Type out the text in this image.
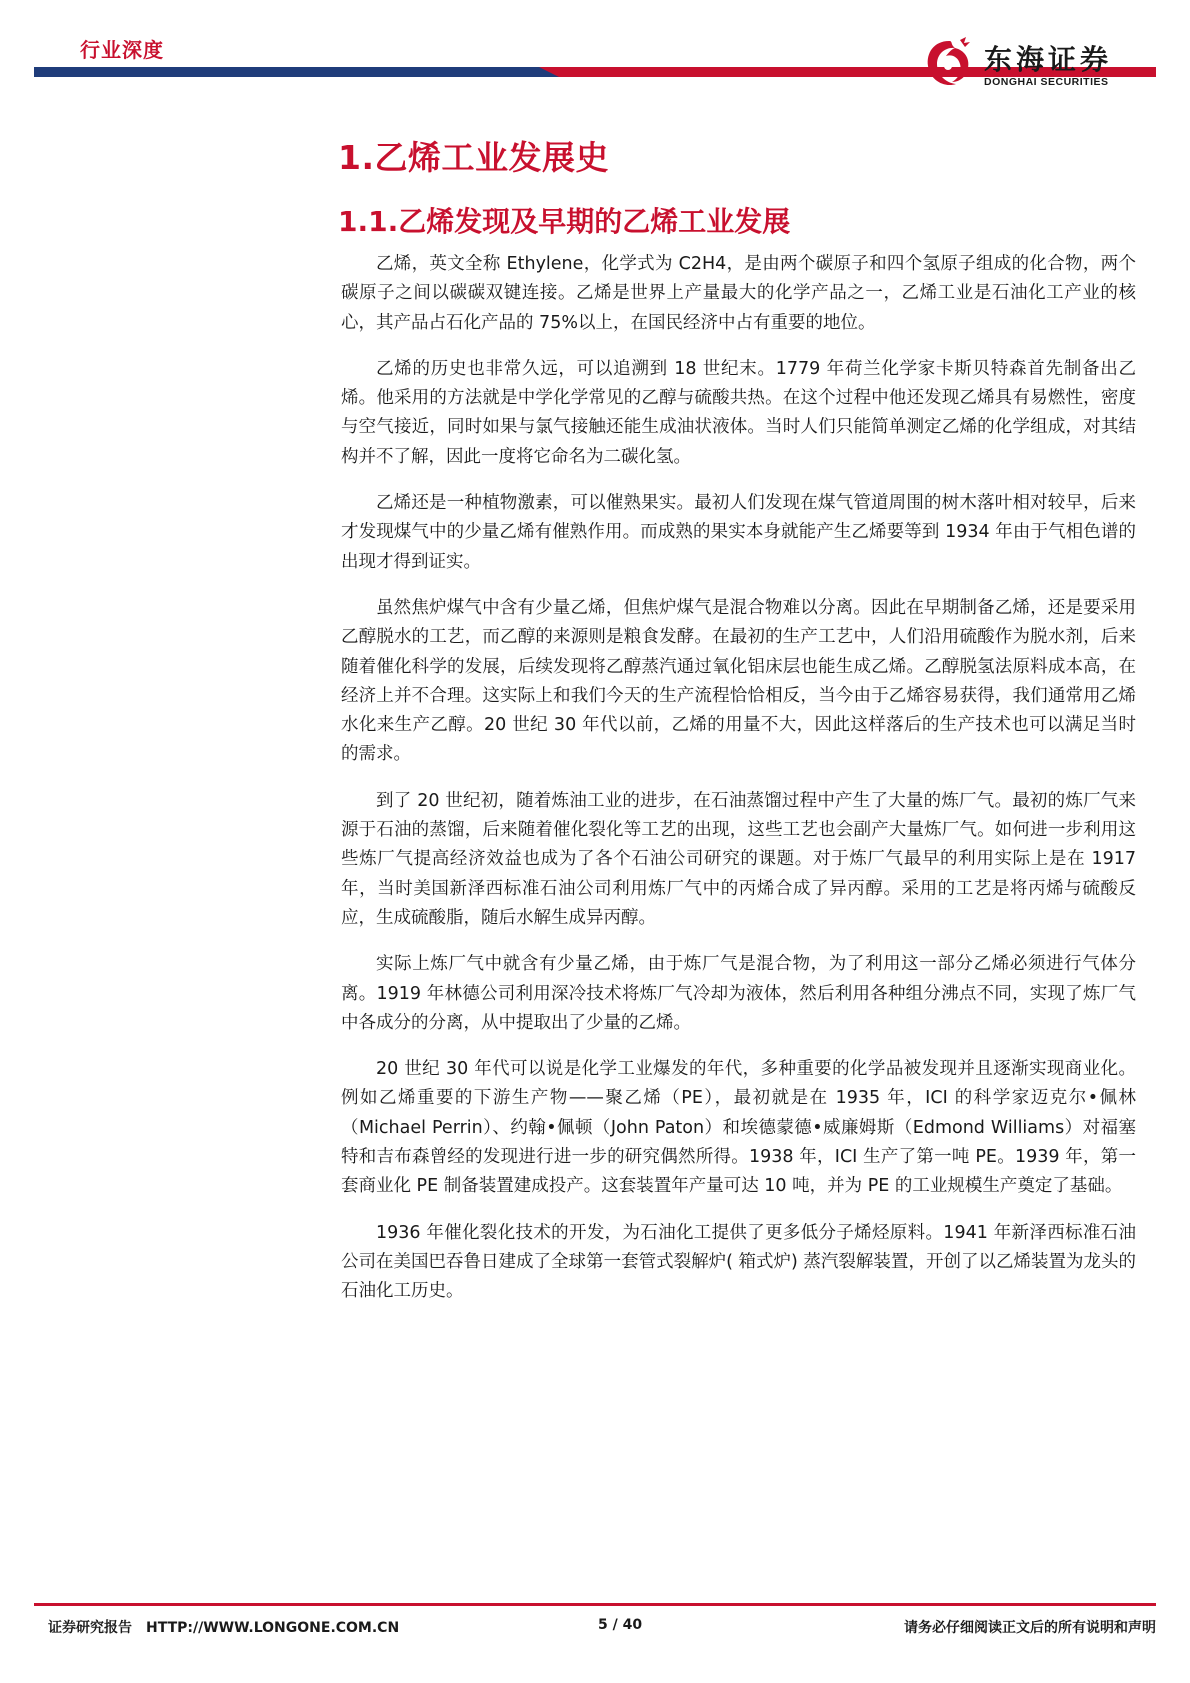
行业深度	东海证券
DONGHAI SECURITIES
1.乙烯工业发展史
1.1.乙烯发现及早期的乙烯工业发展

乙烯，英文全称 Ethylene，化学式为 C2H4，是由两个碳原子和四个氢原子组成的化合物，两个碳原子之间以碳碳双键连接。乙烯是世界上产量最大的化学产品之一，乙烯工业是石油化工产业的核心，其产品占石化产品的 75%以上，在国民经济中占有重要的地位。

乙烯的历史也非常久远，可以追溯到 18 世纪末。1779 年荷兰化学家卡斯贝特森首先制备出乙烯。他采用的方法就是中学化学常见的乙醇与硫酸共热。在这个过程中他还发现乙烯具有易燃性，密度与空气接近，同时如果与氯气接触还能生成油状液体。当时人们只能简单测定乙烯的化学组成，对其结构并不了解，因此一度将它命名为二碳化氢。

乙烯还是一种植物激素，可以催熟果实。最初人们发现在煤气管道周围的树木落叶相对较早，后来才发现煤气中的少量乙烯有催熟作用。而成熟的果实本身就能产生乙烯要等到 1934 年由于气相色谱的出现才得到证实。

虽然焦炉煤气中含有少量乙烯，但焦炉煤气是混合物难以分离。因此在早期制备乙烯，还是要采用乙醇脱水的工艺，而乙醇的来源则是粮食发酵。在最初的生产工艺中，人们沿用硫酸作为脱水剂，后来随着催化科学的发展，后续发现将乙醇蒸汽通过氧化铝床层也能生成乙烯。乙醇脱氢法原料成本高，在经济上并不合理。这实际上和我们今天的生产流程恰恰相反，当今由于乙烯容易获得，我们通常用乙烯水化来生产乙醇。20 世纪 30 年代以前，乙烯的用量不大，因此这样落后的生产技术也可以满足当时的需求。

到了 20 世纪初，随着炼油工业的进步，在石油蒸馏过程中产生了大量的炼厂气。最初的炼厂气来源于石油的蒸馏，后来随着催化裂化等工艺的出现，这些工艺也会副产大量炼厂气。如何进一步利用这些炼厂气提高经济效益也成为了各个石油公司研究的课题。对于炼厂气最早的利用实际上是在 1917 年，当时美国新泽西标准石油公司利用炼厂气中的丙烯合成了异丙醇。采用的工艺是将丙烯与硫酸反应，生成硫酸脂，随后水解生成异丙醇。

实际上炼厂气中就含有少量乙烯，由于炼厂气是混合物，为了利用这一部分乙烯必须进行气体分离。1919 年林德公司利用深冷技术将炼厂气冷却为液体，然后利用各种组分沸点不同，实现了炼厂气中各成分的分离，从中提取出了少量的乙烯。

20 世纪 30 年代可以说是化学工业爆发的年代，多种重要的化学品被发现并且逐渐实现商业化。例如乙烯重要的下游生产物——聚乙烯（PE），最初就是在 1935 年，ICI 的科学家迈克尔•佩林（Michael Perrin）、约翰•佩顿（John Paton）和埃德蒙德•威廉姆斯（Edmond Williams）对福塞特和吉布森曾经的发现进行进一步的研究偶然所得。1938 年，ICI 生产了第一吨 PE。1939 年，第一套商业化 PE 制备装置建成投产。这套装置年产量可达 10 吨，并为 PE 的工业规模生产奠定了基础。

1936 年催化裂化技术的开发，为石油化工提供了更多低分子烯烃原料。1941 年新泽西标准石油公司在美国巴吞鲁日建成了全球第一套管式裂解炉( 箱式炉) 蒸汽裂解装置，开创了以乙烯装置为龙头的石油化工历史。

证券研究报告 HTTP://WWW.LONGONE.COM.CN	5 / 40	请务必仔细阅读正文后的所有说明和声明
